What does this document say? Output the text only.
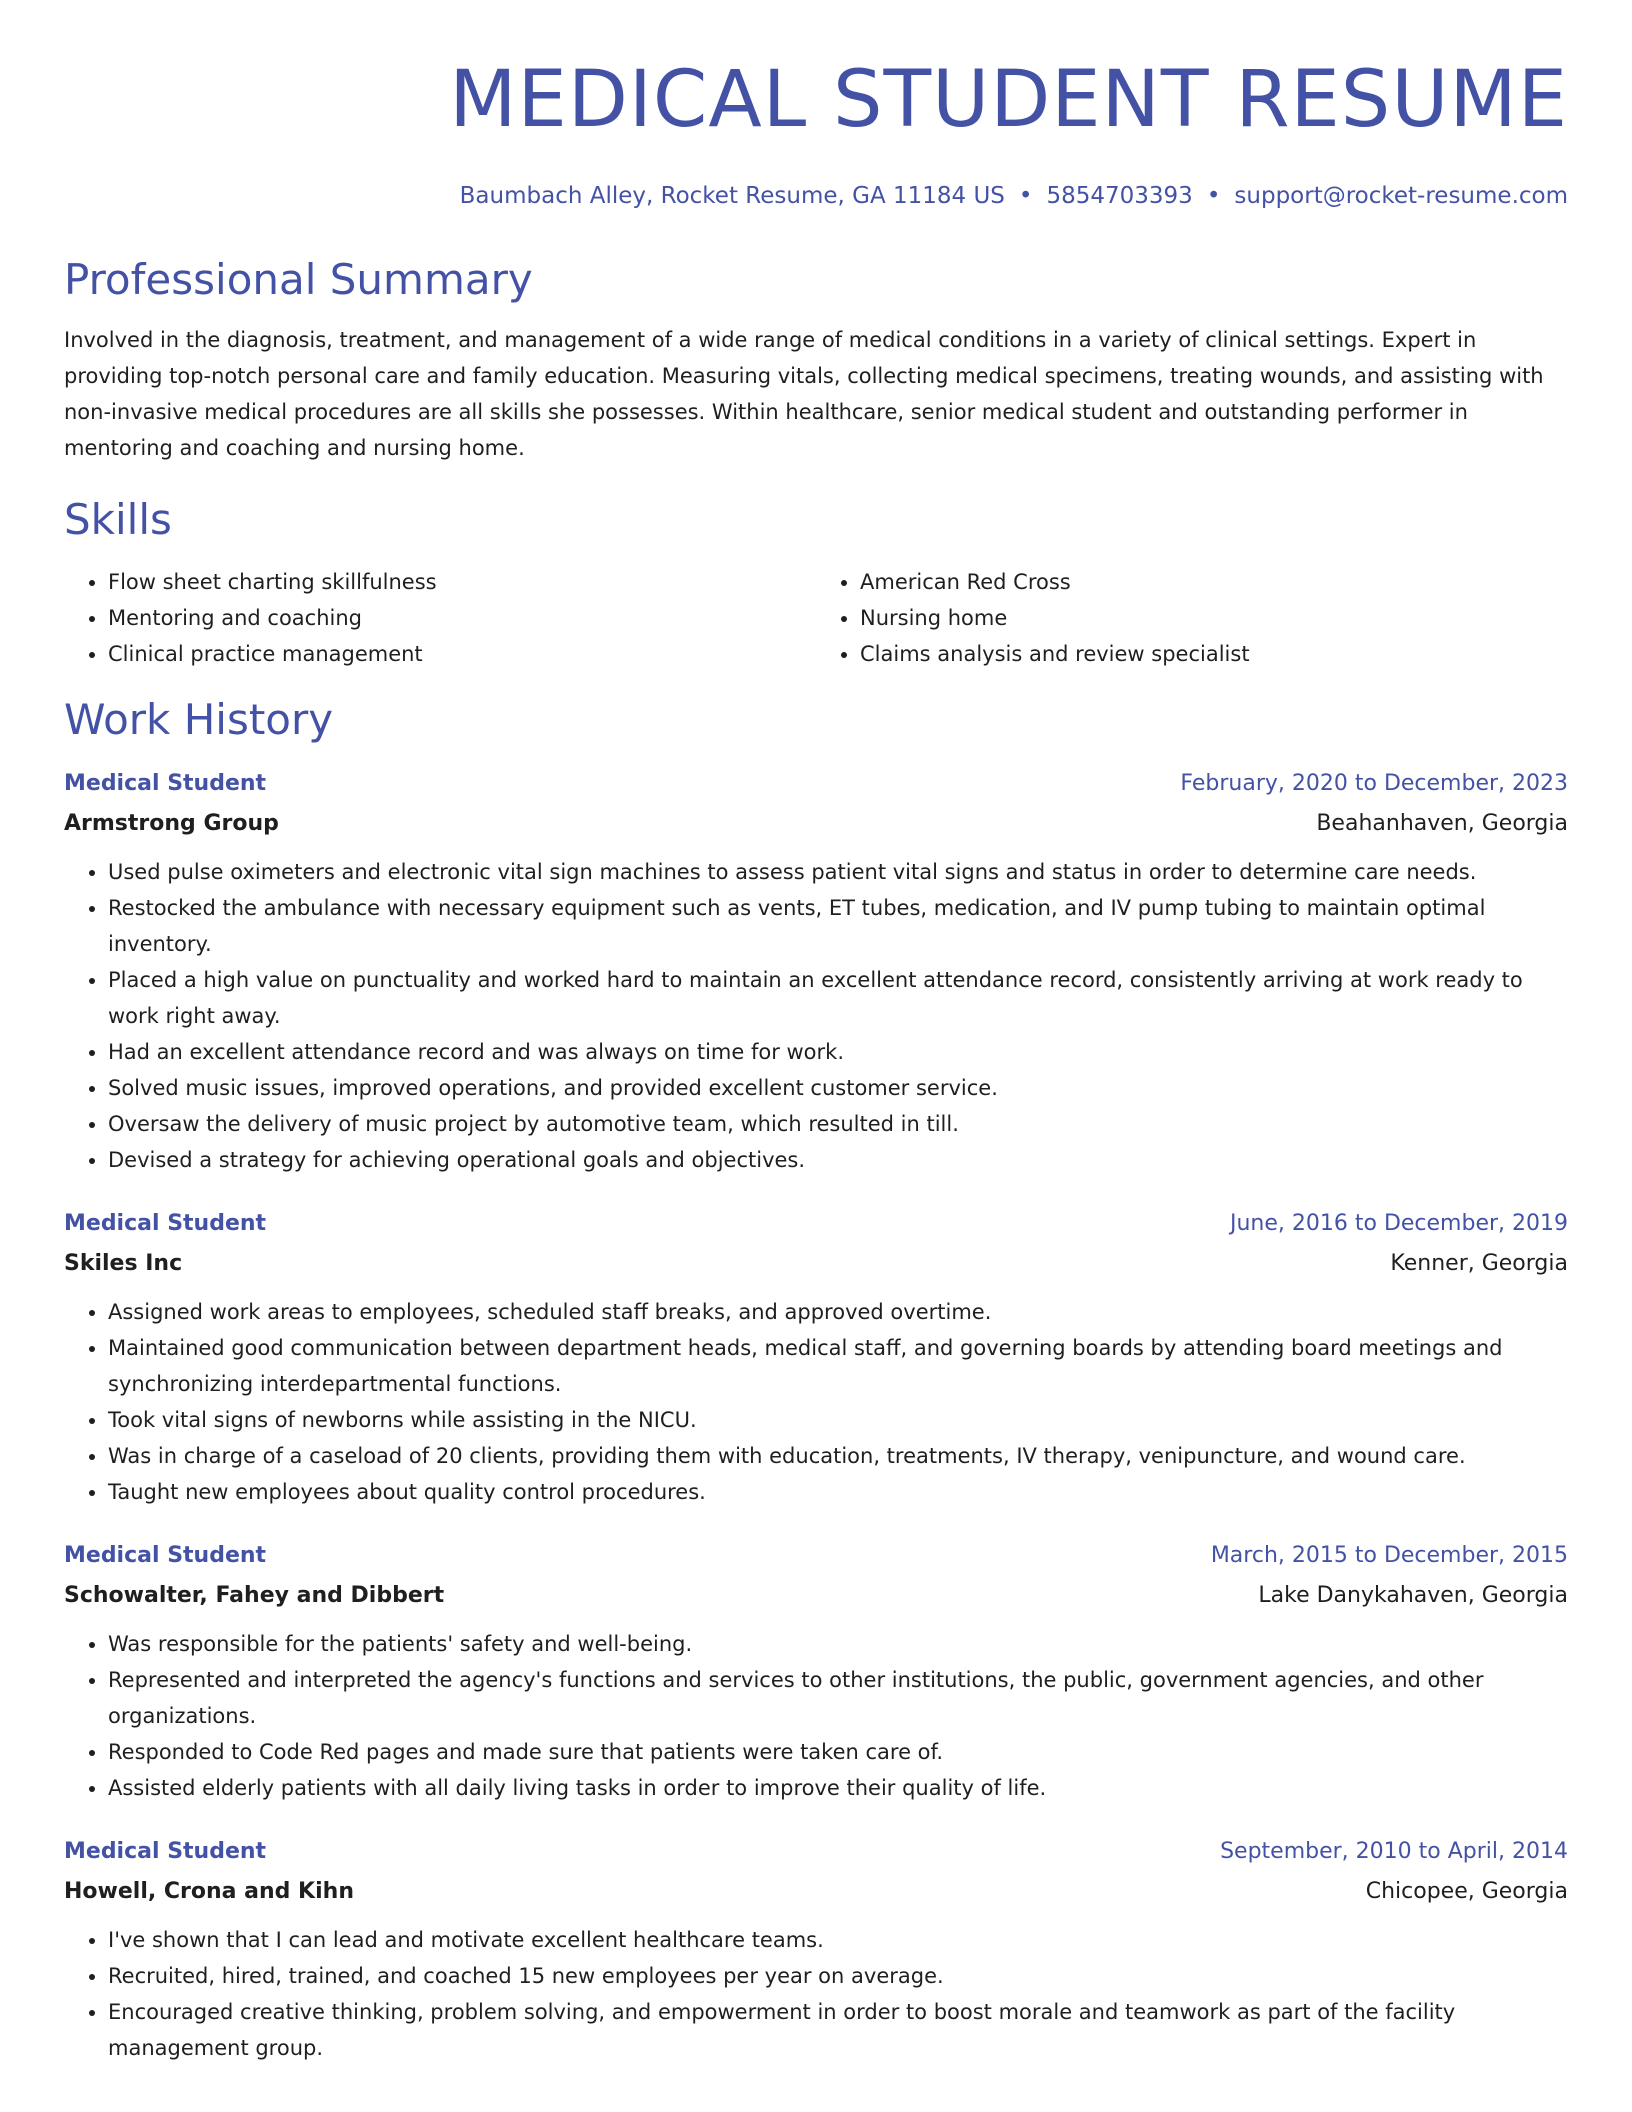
MEDICAL STUDENT RESUME
Baumbach Alley, Rocket Resume, GA 11184 US • 5854703393 • support@rocket-resume.com
Professional Summary
Involved in the diagnosis, treatment, and management of a wide range of medical conditions in a variety of clinical settings. Expert in providing top-notch personal care and family education. Measuring vitals, collecting medical specimens, treating wounds, and assisting with non-invasive medical procedures are all skills she possesses. Within healthcare, senior medical student and outstanding performer in mentoring and coaching and nursing home.
Skills
• Flow sheet charting skillfulness
• Mentoring and coaching
• Clinical practice management
• American Red Cross
• Nursing home
• Claims analysis and review specialist
Work History
Medical Student	February, 2020 to December, 2023
Armstrong Group	Beahanhaven, Georgia
• Used pulse oximeters and electronic vital sign machines to assess patient vital signs and status in order to determine care needs.
• Restocked the ambulance with necessary equipment such as vents, ET tubes, medication, and IV pump tubing to maintain optimal inventory.
• Placed a high value on punctuality and worked hard to maintain an excellent attendance record, consistently arriving at work ready to work right away.
• Had an excellent attendance record and was always on time for work.
• Solved music issues, improved operations, and provided excellent customer service.
• Oversaw the delivery of music project by automotive team, which resulted in till.
• Devised a strategy for achieving operational goals and objectives.
Medical Student	June, 2016 to December, 2019
Skiles Inc	Kenner, Georgia
• Assigned work areas to employees, scheduled staff breaks, and approved overtime.
• Maintained good communication between department heads, medical staff, and governing boards by attending board meetings and synchronizing interdepartmental functions.
• Took vital signs of newborns while assisting in the NICU.
• Was in charge of a caseload of 20 clients, providing them with education, treatments, IV therapy, venipuncture, and wound care.
• Taught new employees about quality control procedures.
Medical Student	March, 2015 to December, 2015
Schowalter, Fahey and Dibbert	Lake Danykahaven, Georgia
• Was responsible for the patients' safety and well-being.
• Represented and interpreted the agency's functions and services to other institutions, the public, government agencies, and other organizations.
• Responded to Code Red pages and made sure that patients were taken care of.
• Assisted elderly patients with all daily living tasks in order to improve their quality of life.
Medical Student	September, 2010 to April, 2014
Howell, Crona and Kihn	Chicopee, Georgia
• I've shown that I can lead and motivate excellent healthcare teams.
• Recruited, hired, trained, and coached 15 new employees per year on average.
• Encouraged creative thinking, problem solving, and empowerment in order to boost morale and teamwork as part of the facility management group.
